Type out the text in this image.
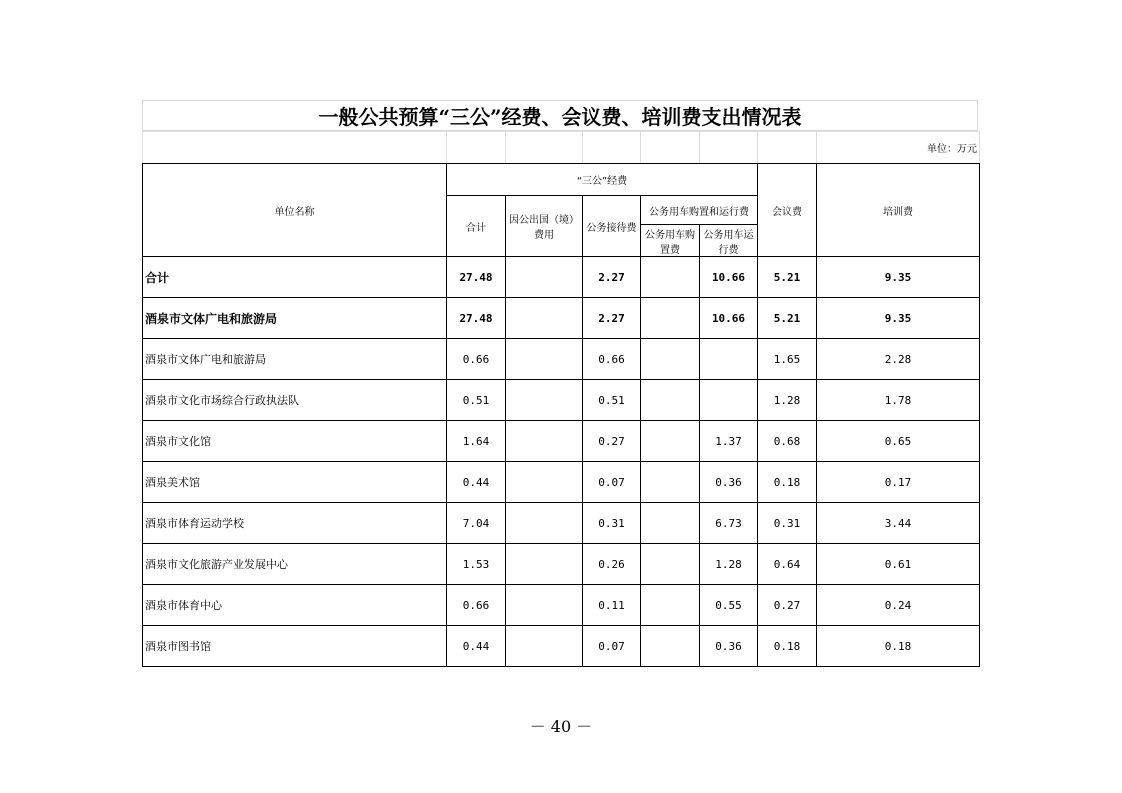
一般公共预算“三公”经费、会议费、培训费支出情况表
							单位：万元
单位名称	“三公”经费					会议费	培训费
	合计	因公出国（境）费用	公务接待费	公务用车购置和运行费			
				公务用车购置费	公务用车运行费		
合计	27.48		2.27		10.66	5.21	9.35
酒泉市文体广电和旅游局	27.48		2.27		10.66	5.21	9.35
酒泉市文体广电和旅游局	0.66		0.66			1.65	2.28
酒泉市文化市场综合行政执法队	0.51		0.51			1.28	1.78
酒泉市文化馆	1.64		0.27		1.37	0.68	0.65
酒泉美术馆	0.44		0.07		0.36	0.18	0.17
酒泉市体育运动学校	7.04		0.31		6.73	0.31	3.44
酒泉市文化旅游产业发展中心	1.53		0.26		1.28	0.64	0.61
酒泉市体育中心	0.66		0.11		0.55	0.27	0.24
酒泉市图书馆	0.44		0.07		0.36	0.18	0.18
－ 40 －
